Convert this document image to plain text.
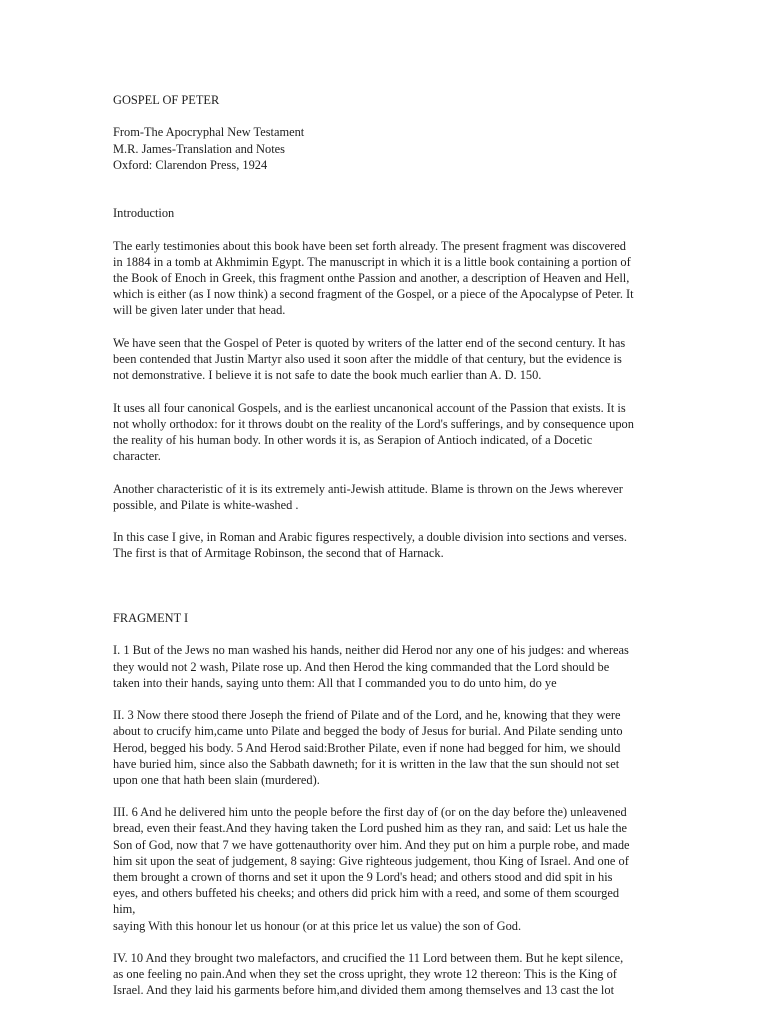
GOSPEL OF PETER
From-The Apocryphal New Testament
M.R. James-Translation and Notes
Oxford: Clarendon Press, 1924
Introduction
The early testimonies about this book have been set forth already. The present fragment was discovered
in 1884 in a tomb at Akhmimin Egypt. The manuscript in which it is a little book containing a portion of
the Book of Enoch in Greek, this fragment onthe Passion and another, a description of Heaven and Hell,
which is either (as I now think) a second fragment of the Gospel, or a piece of the Apocalypse of Peter. It
will be given later under that head.
We have seen that the Gospel of Peter is quoted by writers of the latter end of the second century. It has
been contended that Justin Martyr also used it soon after the middle of that century, but the evidence is
not demonstrative. I believe it is not safe to date the book much earlier than A. D. 150.
It uses all four canonical Gospels, and is the earliest uncanonical account of the Passion that exists. It is
not wholly orthodox: for it throws doubt on the reality of the Lord's sufferings, and by consequence upon
the reality of his human body. In other words it is, as Serapion of Antioch indicated, of a Docetic
character.
Another characteristic of it is its extremely anti-Jewish attitude. Blame is thrown on the Jews wherever
possible, and Pilate is white-washed .
In this case I give, in Roman and Arabic figures respectively, a double division into sections and verses.
The first is that of Armitage Robinson, the second that of Harnack.
FRAGMENT I
I. 1 But of the Jews no man washed his hands, neither did Herod nor any one of his judges: and whereas
they would not 2 wash, Pilate rose up. And then Herod the king commanded that the Lord should be
taken into their hands, saying unto them: All that I commanded you to do unto him, do ye
II. 3 Now there stood there Joseph the friend of Pilate and of the Lord, and he, knowing that they were
about to crucify him,came unto Pilate and begged the body of Jesus for burial. And Pilate sending unto
Herod, begged his body. 5 And Herod said:Brother Pilate, even if none had begged for him, we should
have buried him, since also the Sabbath dawneth; for it is written in the law that the sun should not set
upon one that hath been slain (murdered).
III. 6 And he delivered him unto the people before the first day of (or on the day before the) unleavened
bread, even their feast.And they having taken the Lord pushed him as they ran, and said: Let us hale the
Son of God, now that 7 we have gottenauthority over him. And they put on him a purple robe, and made
him sit upon the seat of judgement, 8 saying: Give righteous judgement, thou King of Israel. And one of
them brought a crown of thorns and set it upon the 9 Lord's head; and others stood and did spit in his
eyes, and others buffeted his cheeks; and others did prick him with a reed, and some of them scourged
him,
saying With this honour let us honour (or at this price let us value) the son of God.
IV. 10 And they brought two malefactors, and crucified the 11 Lord between them. But he kept silence,
as one feeling no pain.And when they set the cross upright, they wrote 12 thereon: This is the King of
Israel. And they laid his garments before him,and divided them among themselves and 13 cast the lot
